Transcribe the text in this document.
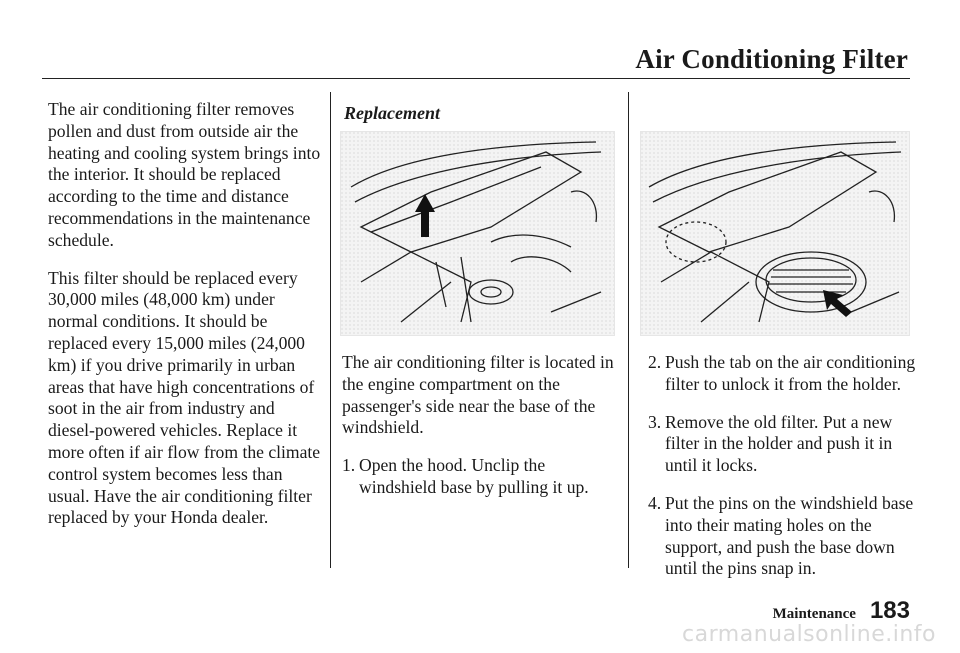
Air Conditioning Filter

The air conditioning filter removes pollen and dust from outside air the heating and cooling system brings into the interior. It should be replaced according to the time and distance recommendations in the maintenance schedule.

This filter should be replaced every 30,000 miles (48,000 km) under normal conditions. It should be replaced every 15,000 miles (24,000 km) if you drive primarily in urban areas that have high concentrations of soot in the air from industry and diesel-powered vehicles. Replace it more often if air flow from the climate control system becomes less than usual. Have the air conditioning filter replaced by your Honda dealer.

Replacement

The air conditioning filter is located in the engine compartment on the passenger's side near the base of the windshield.

1. Open the hood. Unclip the windshield base by pulling it up.
2. Push the tab on the air conditioning filter to unlock it from the holder.
3. Remove the old filter. Put a new filter in the holder and push it in until it locks.
4. Put the pins on the windshield base into their mating holes on the support, and push the base down until the pins snap in.
Maintenance 183
carmanualsonline.info
